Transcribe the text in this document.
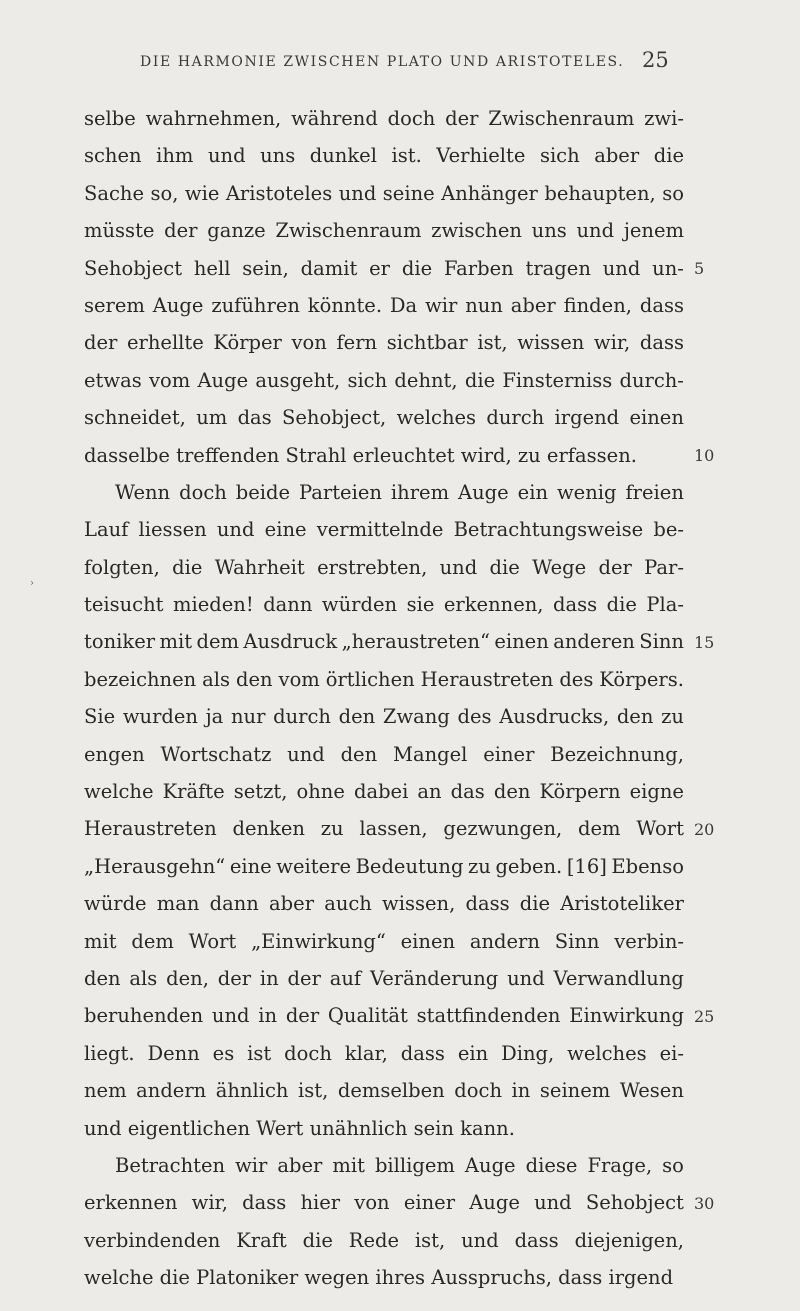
DIE HARMONIE ZWISCHEN PLATO UND ARISTOTELES. 25
›
selbe wahrnehmen, während doch der Zwischenraum zwi-
schen ihm und uns dunkel ist. Verhielte sich aber die
Sache so, wie Aristoteles und seine Anhänger behaupten, so
müsste der ganze Zwischenraum zwischen uns und jenem
Sehobject hell sein, damit er die Farben tragen und un-
serem Auge zuführen könnte. Da wir nun aber finden, dass
der erhellte Körper von fern sichtbar ist, wissen wir, dass
etwas vom Auge ausgeht, sich dehnt, die Finsterniss durch-
schneidet, um das Sehobject, welches durch irgend einen
dasselbe treffenden Strahl erleuchtet wird, zu erfassen.
Wenn doch beide Parteien ihrem Auge ein wenig freien
Lauf liessen und eine vermittelnde Betrachtungsweise be-
folgten, die Wahrheit erstrebten, und die Wege der Par-
teisucht mieden! dann würden sie erkennen, dass die Pla-
toniker mit dem Ausdruck „heraustreten“ einen anderen Sinn
bezeichnen als den vom örtlichen Heraustreten des Körpers.
Sie wurden ja nur durch den Zwang des Ausdrucks, den zu
engen Wortschatz und den Mangel einer Bezeichnung,
welche Kräfte setzt, ohne dabei an das den Körpern eigne
Heraustreten denken zu lassen, gezwungen, dem Wort
„Herausgehn“ eine weitere Bedeutung zu geben. [16] Ebenso
würde man dann aber auch wissen, dass die Aristoteliker
mit dem Wort „Einwirkung“ einen andern Sinn verbin-
den als den, der in der auf Veränderung und Verwandlung
beruhenden und in der Qualität stattfindenden Einwirkung
liegt. Denn es ist doch klar, dass ein Ding, welches ei-
nem andern ähnlich ist, demselben doch in seinem Wesen
und eigentlichen Wert unähnlich sein kann.
Betrachten wir aber mit billigem Auge diese Frage, so
erkennen wir, dass hier von einer Auge und Sehobject
verbindenden Kraft die Rede ist, und dass diejenigen,
welche die Platoniker wegen ihres Ausspruchs, dass irgend
5
10
15
20
25
30
